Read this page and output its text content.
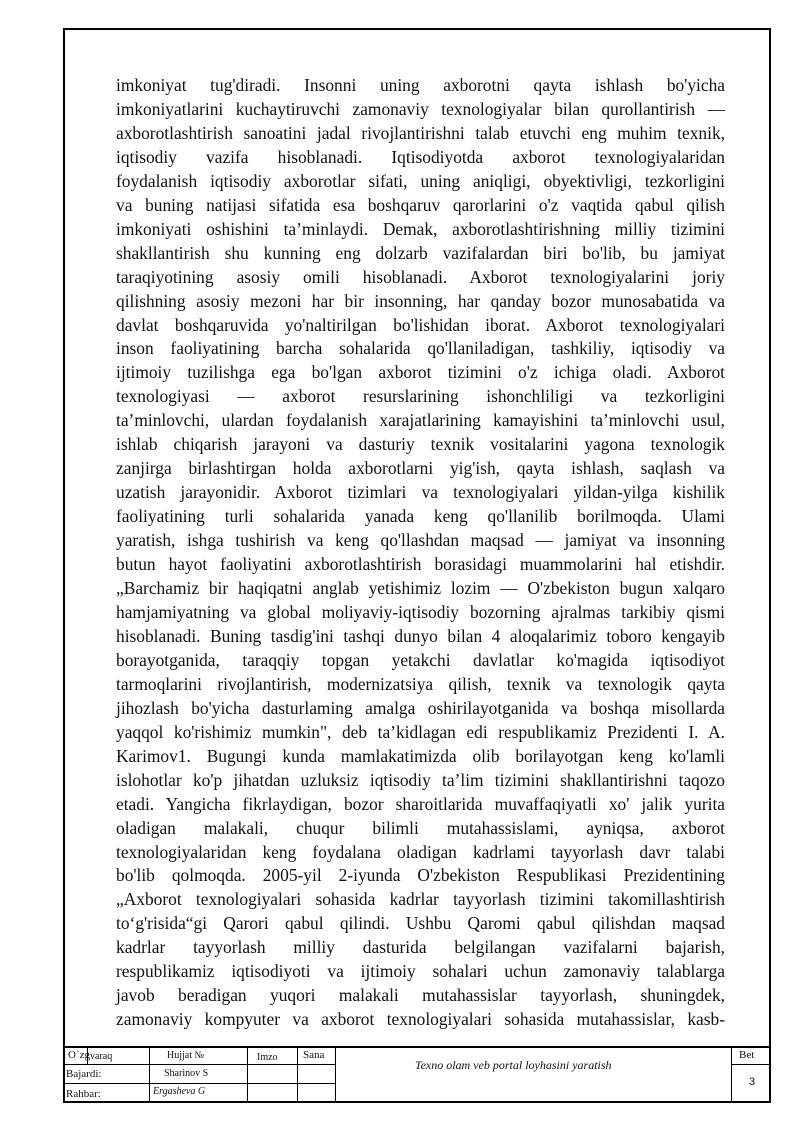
imkoniyat tug'diradi. Insonni uning axborotni qayta ishlash bo'yicha
imkoniyatlarini kuchaytiruvchi zamonaviy texnologiyalar bilan qurollantirish —
axborotlashtirish sanoatini jadal rivojlantirishni talab etuvchi eng muhim texnik,
iqtisodiy vazifa hisoblanadi. Iqtisodiyotda axborot texnologiyalaridan
foydalanish iqtisodiy axborotlar sifati, uning aniqligi, obyektivligi, tezkorligini
va buning natijasi sifatida esa boshqaruv qarorlarini o'z vaqtida qabul qilish
imkoniyati oshishini ta’minlaydi. Demak, axborotlashtirishning milliy tizimini
shakllantirish shu kunning eng dolzarb vazifalardan biri bo'lib, bu jamiyat
taraqiyotining asosiy omili hisoblanadi. Axborot texnologiyalarini joriy
qilishning asosiy mezoni har bir insonning, har qanday bozor munosabatida va
davlat boshqaruvida yo'naltirilgan bo'lishidan iborat. Axborot texnologiyalari
inson faoliyatining barcha sohalarida qo'llaniladigan, tashkiliy, iqtisodiy va
ijtimoiy tuzilishga ega bo'lgan axborot tizimini o'z ichiga oladi. Axborot
texnologiyasi — axborot resurslarining ishonchliligi va tezkorligini
ta’minlovchi, ulardan foydalanish xarajatlarining kamayishini ta’minlovchi usul,
ishlab chiqarish jarayoni va dasturiy texnik vositalarini yagona texnologik
zanjirga birlashtirgan holda axborotlarni yig'ish, qayta ishlash, saqlash va
uzatish jarayonidir. Axborot tizimlari va texnologiyalari yildan-yilga kishilik
faoliyatining turli sohalarida yanada keng qo'llanilib borilmoqda. Ulami
yaratish, ishga tushirish va keng qo'llashdan maqsad — jamiyat va insonning
butun hayot faoliyatini axborotlashtirish borasidagi muammolarini hal etishdir.
„Barchamiz bir haqiqatni anglab yetishimiz lozim — O'zbekiston bugun xalqaro
hamjamiyatning va global moliyaviy-iqtisodiy bozorning ajralmas tarkibiy qismi
hisoblanadi. Buning tasdig'ini tashqi dunyo bilan 4 aloqalarimiz toboro kengayib
borayotganida, taraqqiy topgan yetakchi davlatlar ko'magida iqtisodiyot
tarmoqlarini rivojlantirish, modernizatsiya qilish, texnik va texnologik qayta
jihozlash bo'yicha dasturlaming amalga oshirilayotganida va boshqa misollarda
yaqqol ko'rishimiz mumkin", deb ta’kidlagan edi respublikamiz Prezidenti I. A.
Karimov1. Bugungi kunda mamlakatimizda olib borilayotgan keng ko'lamli
islohotlar ko'p jihatdan uzluksiz iqtisodiy ta’lim tizimini shakllantirishni taqozo
etadi. Yangicha fikrlaydigan, bozor sharoitlarida muvaffaqiyatli xo' jalik yurita
oladigan malakali, chuqur bilimli mutahassislami, ayniqsa, axborot
texnologiyalaridan keng foydalana oladigan kadrlami tayyorlash davr talabi
bo'lib qolmoqda. 2005-yil 2-iyunda O'zbekiston Respublikasi Prezidentining
„Axborot texnologiyalari sohasida kadrlar tayyorlash tizimini takomillashtirish
to‘g'risida“gi Qarori qabul qilindi. Ushbu Qaromi qabul qilishdan maqsad
kadrlar tayyorlash milliy dasturida belgilangan vazifalarni bajarish,
respublikamiz iqtisodiyoti va ijtimoiy sohalari uchun zamonaviy talablarga
javob beradigan yuqori malakali mutahassislar tayyorlash, shuningdek,
zamonaviy kompyuter va axborot texnologiyalari sohasida mutahassislar, kasb-
O`zg varaq	Hujjat №	Imzo Sana
Bajardi:	Sharinov S
Rahbar:	Ergasheva G
Texno olam veb portal loyhasini yaratish
Bet
3
